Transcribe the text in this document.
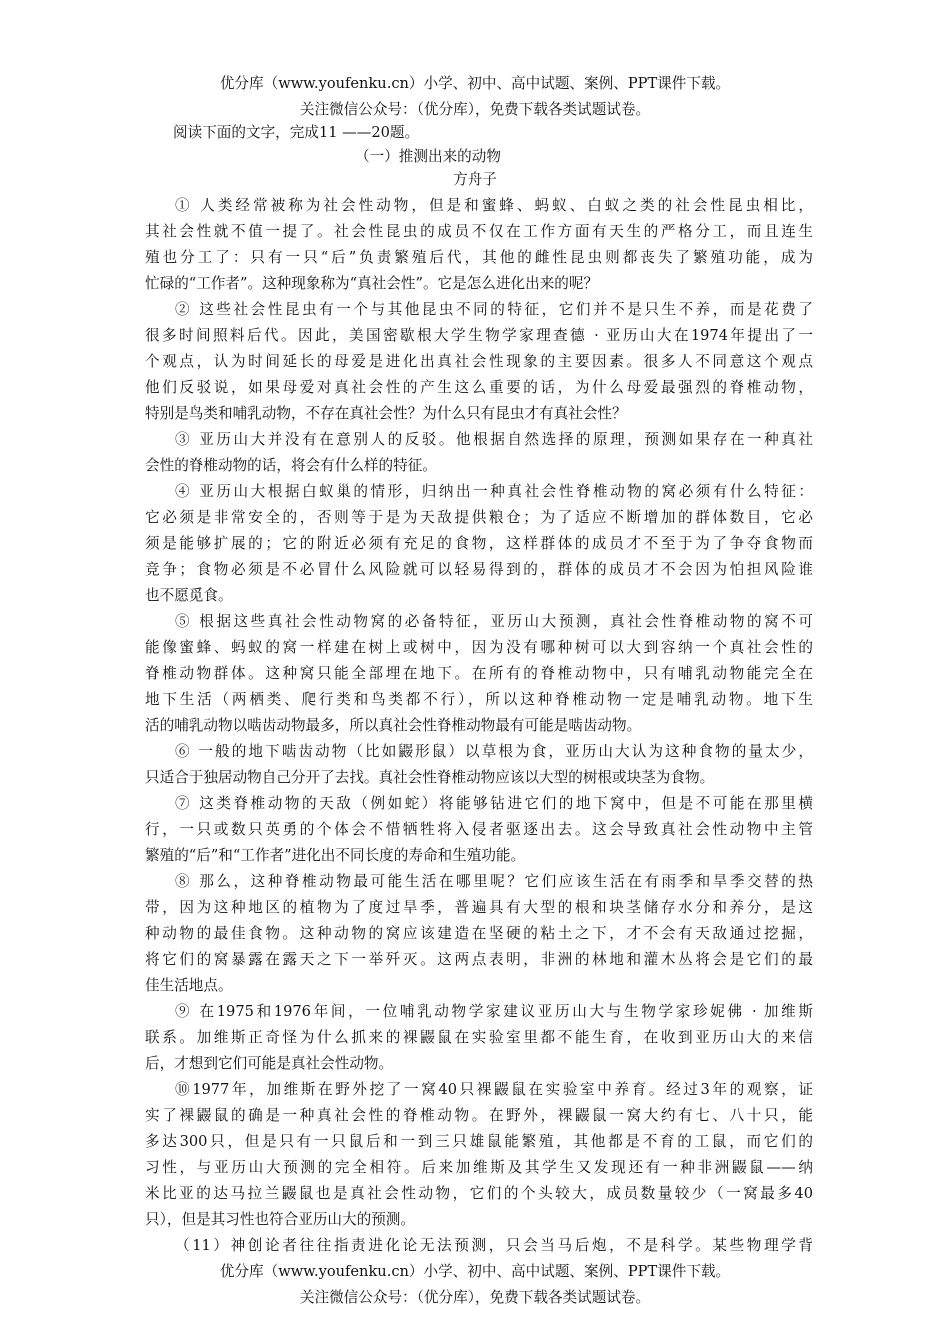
优分库（www.youfenku.cn）小学、初中、高中试题、案例、PPT课件下载。
关注微信公众号：（优分库），免费下载各类试题试卷。
阅读下面的文字，完成11 ——20题。
（一）推测出来的动物
方舟子
① 人类经常被称为社会性动物，但是和蜜蜂、蚂蚁、白蚁之类的社会性昆虫相比，
其社会性就不值一提了。社会性昆虫的成员不仅在工作方面有天生的严格分工，而且连生
殖也分工了：只有一只“后”负责繁殖后代，其他的雌性昆虫则都丧失了繁殖功能，成为
忙碌的“工作者”。这种现象称为“真社会性”。它是怎么进化出来的呢？
② 这些社会性昆虫有一个与其他昆虫不同的特征，它们并不是只生不养，而是花费了
很多时间照料后代。因此，美国密歇根大学生物学家理查德 · 亚历山大在1974年提出了一
个观点，认为时间延长的母爱是进化出真社会性现象的主要因素。很多人不同意这个观点
他们反驳说，如果母爱对真社会性的产生这么重要的话，为什么母爱最强烈的脊椎动物，
特别是鸟类和哺乳动物，不存在真社会性？为什么只有昆虫才有真社会性？
③ 亚历山大并没有在意别人的反驳。他根据自然选择的原理，预测如果存在一种真社
会性的脊椎动物的话，将会有什么样的特征。
④ 亚历山大根据白蚁巢的情形，归纳出一种真社会性脊椎动物的窝必须有什么特征：
它必须是非常安全的，否则等于是为天敌提供粮仓；为了适应不断增加的群体数目，它必
须是能够扩展的；它的附近必须有充足的食物，这样群体的成员才不至于为了争夺食物而
竞争；食物必须是不必冒什么风险就可以轻易得到的，群体的成员才不会因为怕担风险谁
也不愿觅食。
⑤ 根据这些真社会性动物窝的必备特征，亚历山大预测，真社会性脊椎动物的窝不可
能像蜜蜂、蚂蚁的窝一样建在树上或树中，因为没有哪种树可以大到容纳一个真社会性的
脊椎动物群体。这种窝只能全部埋在地下。在所有的脊椎动物中，只有哺乳动物能完全在
地下生活（两栖类、爬行类和鸟类都不行），所以这种脊椎动物一定是哺乳动物。地下生
活的哺乳动物以啮齿动物最多，所以真社会性脊椎动物最有可能是啮齿动物。
⑥ 一般的地下啮齿动物（比如鼹形鼠）以草根为食，亚历山大认为这种食物的量太少，
只适合于独居动物自己分开了去找。真社会性脊椎动物应该以大型的树根或块茎为食物。
⑦ 这类脊椎动物的天敌（例如蛇）将能够钻进它们的地下窝中，但是不可能在那里横
行，一只或数只英勇的个体会不惜牺牲将入侵者驱逐出去。这会导致真社会性动物中主管
繁殖的“后”和“工作者”进化出不同长度的寿命和生殖功能。
⑧ 那么，这种脊椎动物最可能生活在哪里呢？它们应该生活在有雨季和旱季交替的热
带，因为这种地区的植物为了度过旱季，普遍具有大型的根和块茎储存水分和养分，是这
种动物的最佳食物。这种动物的窝应该建造在坚硬的粘土之下，才不会有天敌通过挖掘，
将它们的窝暴露在露天之下一举歼灭。这两点表明，非洲的林地和灌木丛将会是它们的最
佳生活地点。
⑨ 在1975和1976年间，一位哺乳动物学家建议亚历山大与生物学家珍妮佛 · 加维斯
联系。加维斯正奇怪为什么抓来的裸鼹鼠在实验室里都不能生育，在收到亚历山大的来信
后，才想到它们可能是真社会性动物。
⑩1977年，加维斯在野外挖了一窝40只裸鼹鼠在实验室中养育。经过3年的观察，证
实了裸鼹鼠的确是一种真社会性的脊椎动物。在野外，裸鼹鼠一窝大约有七、八十只，能
多达300只，但是只有一只鼠后和一到三只雄鼠能繁殖，其他都是不育的工鼠，而它们的
习性，与亚历山大预测的完全相符。后来加维斯及其学生又发现还有一种非洲鼹鼠——纳
米比亚的达马拉兰鼹鼠也是真社会性动物，它们的个头较大，成员数量较少（一窝最多40
只），但是其习性也符合亚历山大的预测。
（11）神创论者往往指责进化论无法预测，只会当马后炮，不是科学。某些物理学背
优分库（www.youfenku.cn）小学、初中、高中试题、案例、PPT课件下载。
关注微信公众号：（优分库），免费下载各类试题试卷。
